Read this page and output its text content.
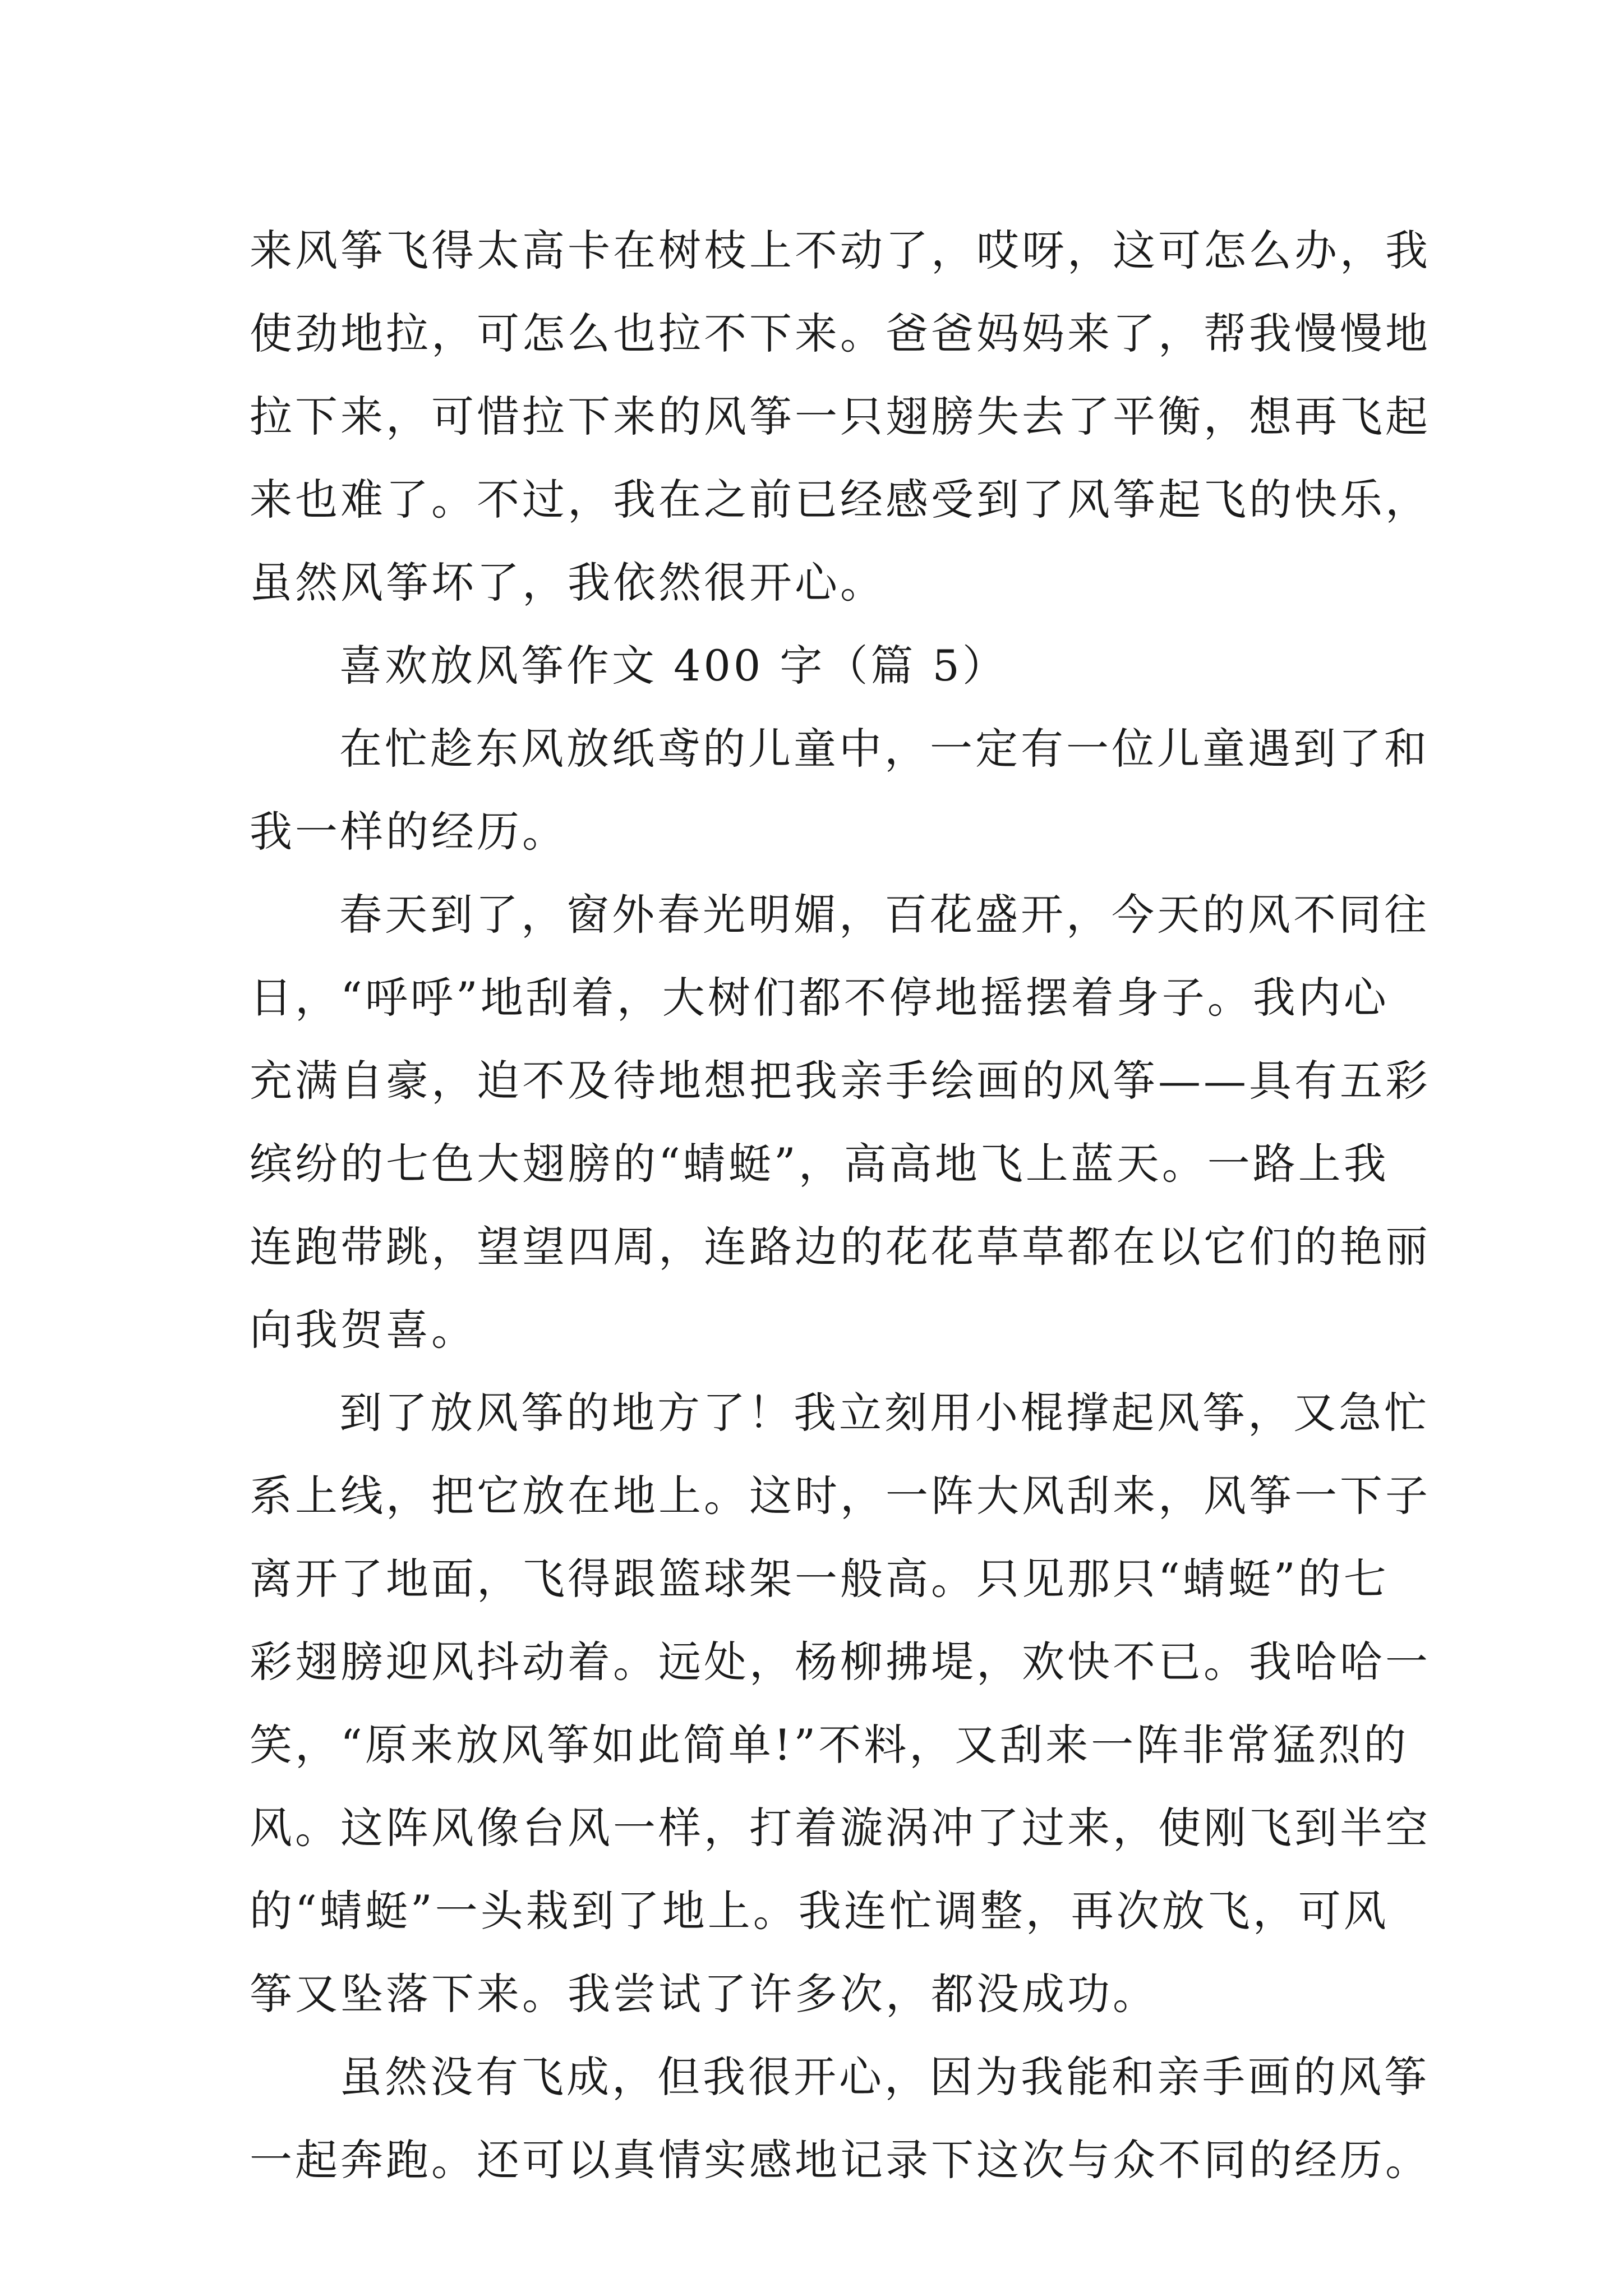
来风筝飞得太高卡在树枝上不动了，哎呀，这可怎么办，我
使劲地拉，可怎么也拉不下来。爸爸妈妈来了，帮我慢慢地
拉下来，可惜拉下来的风筝一只翅膀失去了平衡，想再飞起
来也难了。不过，我在之前已经感受到了风筝起飞的快乐，
虽然风筝坏了，我依然很开心。
喜欢放风筝作文 400 字（篇 5）
在忙趁东风放纸鸢的儿童中，一定有一位儿童遇到了和
我一样的经历。
春天到了，窗外春光明媚，百花盛开，今天的风不同往
日，“呼呼”地刮着，大树们都不停地摇摆着身子。我内心
充满自豪，迫不及待地想把我亲手绘画的风筝——具有五彩
缤纷的七色大翅膀的“蜻蜓”，高高地飞上蓝天。一路上我
连跑带跳，望望四周，连路边的花花草草都在以它们的艳丽
向我贺喜。
到了放风筝的地方了！我立刻用小棍撑起风筝，又急忙
系上线，把它放在地上。这时，一阵大风刮来，风筝一下子
离开了地面，飞得跟篮球架一般高。只见那只“蜻蜓”的七
彩翅膀迎风抖动着。远处，杨柳拂堤，欢快不已。我哈哈一
笑，“原来放风筝如此简单!”不料，又刮来一阵非常猛烈的
风。这阵风像台风一样，打着漩涡冲了过来，使刚飞到半空
的“蜻蜓”一头栽到了地上。我连忙调整，再次放飞，可风
筝又坠落下来。我尝试了许多次，都没成功。
虽然没有飞成，但我很开心，因为我能和亲手画的风筝
一起奔跑。还可以真情实感地记录下这次与众不同的经历。
